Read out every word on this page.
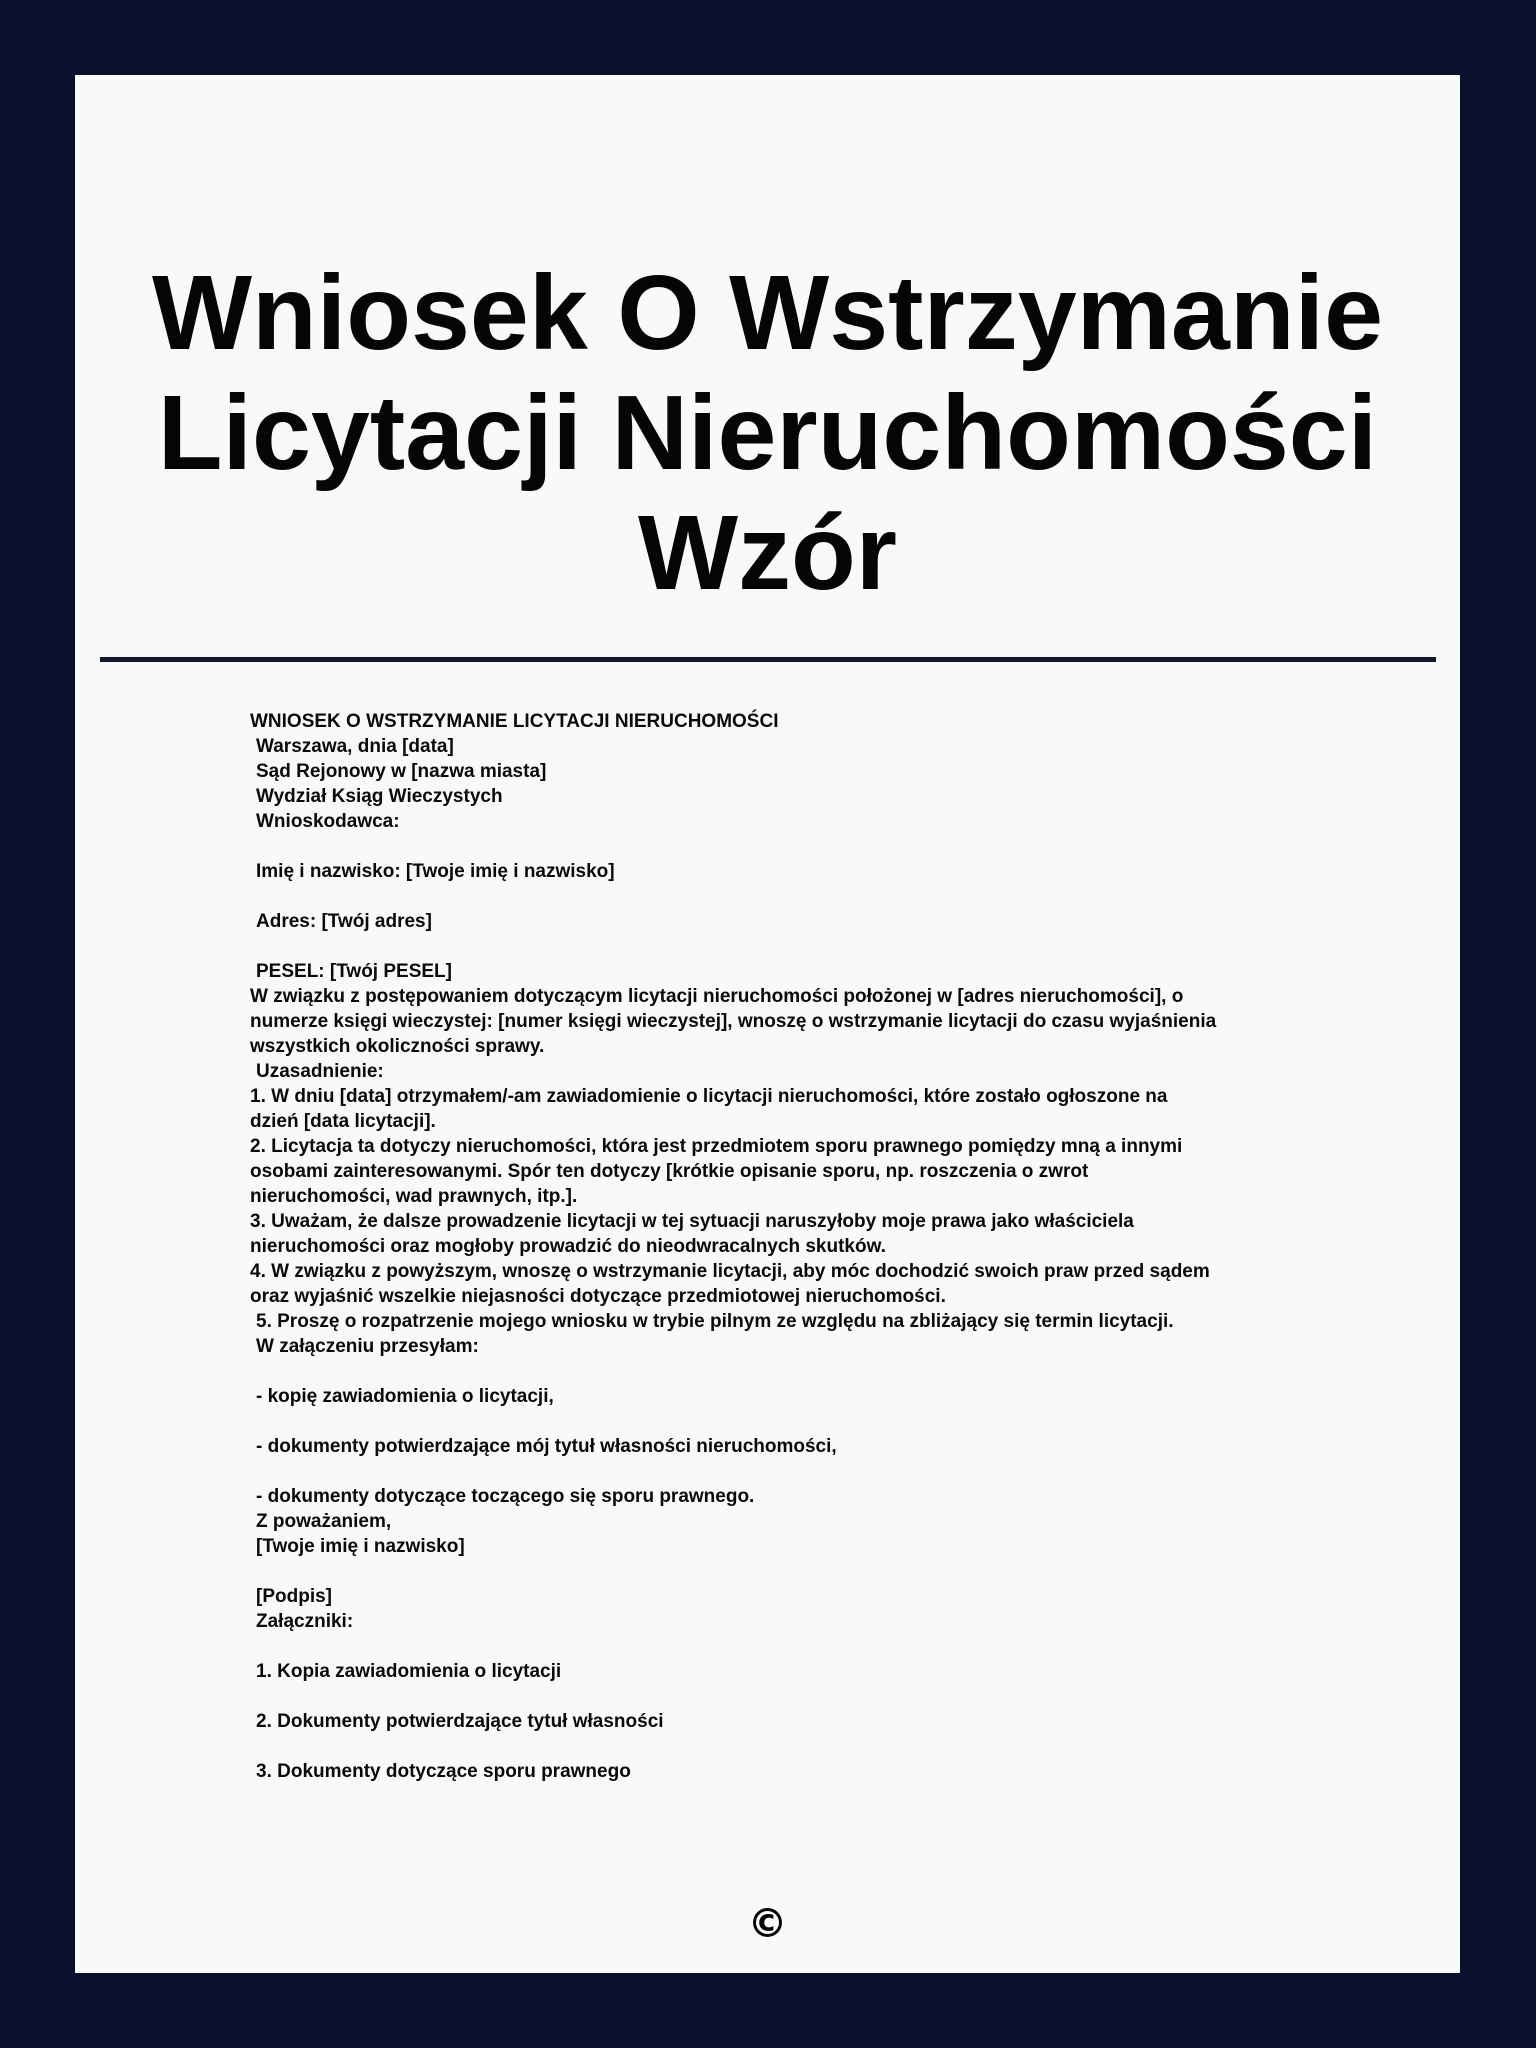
Wniosek O Wstrzymanie
Licytacji Nieruchomości
Wzór
WNIOSEK O WSTRZYMANIE LICYTACJI NIERUCHOMOŚCI
Warszawa, dnia [data]
Sąd Rejonowy w [nazwa miasta]
Wydział Ksiąg Wieczystych
Wnioskodawca:
Imię i nazwisko: [Twoje imię i nazwisko]
Adres: [Twój adres]
PESEL: [Twój PESEL]
W związku z postępowaniem dotyczącym licytacji nieruchomości położonej w [adres nieruchomości], o
numerze księgi wieczystej: [numer księgi wieczystej], wnoszę o wstrzymanie licytacji do czasu wyjaśnienia
wszystkich okoliczności sprawy.
Uzasadnienie:
1. W dniu [data] otrzymałem/-am zawiadomienie o licytacji nieruchomości, które zostało ogłoszone na
dzień [data licytacji].
2. Licytacja ta dotyczy nieruchomości, która jest przedmiotem sporu prawnego pomiędzy mną a innymi
osobami zainteresowanymi. Spór ten dotyczy [krótkie opisanie sporu, np. roszczenia o zwrot
nieruchomości, wad prawnych, itp.].
3. Uważam, że dalsze prowadzenie licytacji w tej sytuacji naruszyłoby moje prawa jako właściciela
nieruchomości oraz mogłoby prowadzić do nieodwracalnych skutków.
4. W związku z powyższym, wnoszę o wstrzymanie licytacji, aby móc dochodzić swoich praw przed sądem
oraz wyjaśnić wszelkie niejasności dotyczące przedmiotowej nieruchomości.
5. Proszę o rozpatrzenie mojego wniosku w trybie pilnym ze względu na zbliżający się termin licytacji.
W załączeniu przesyłam:
- kopię zawiadomienia o licytacji,
- dokumenty potwierdzające mój tytuł własności nieruchomości,
- dokumenty dotyczące toczącego się sporu prawnego.
Z poważaniem,
[Twoje imię i nazwisko]
[Podpis]
Załączniki:
1. Kopia zawiadomienia o licytacji
2. Dokumenty potwierdzające tytuł własności
3. Dokumenty dotyczące sporu prawnego
©
